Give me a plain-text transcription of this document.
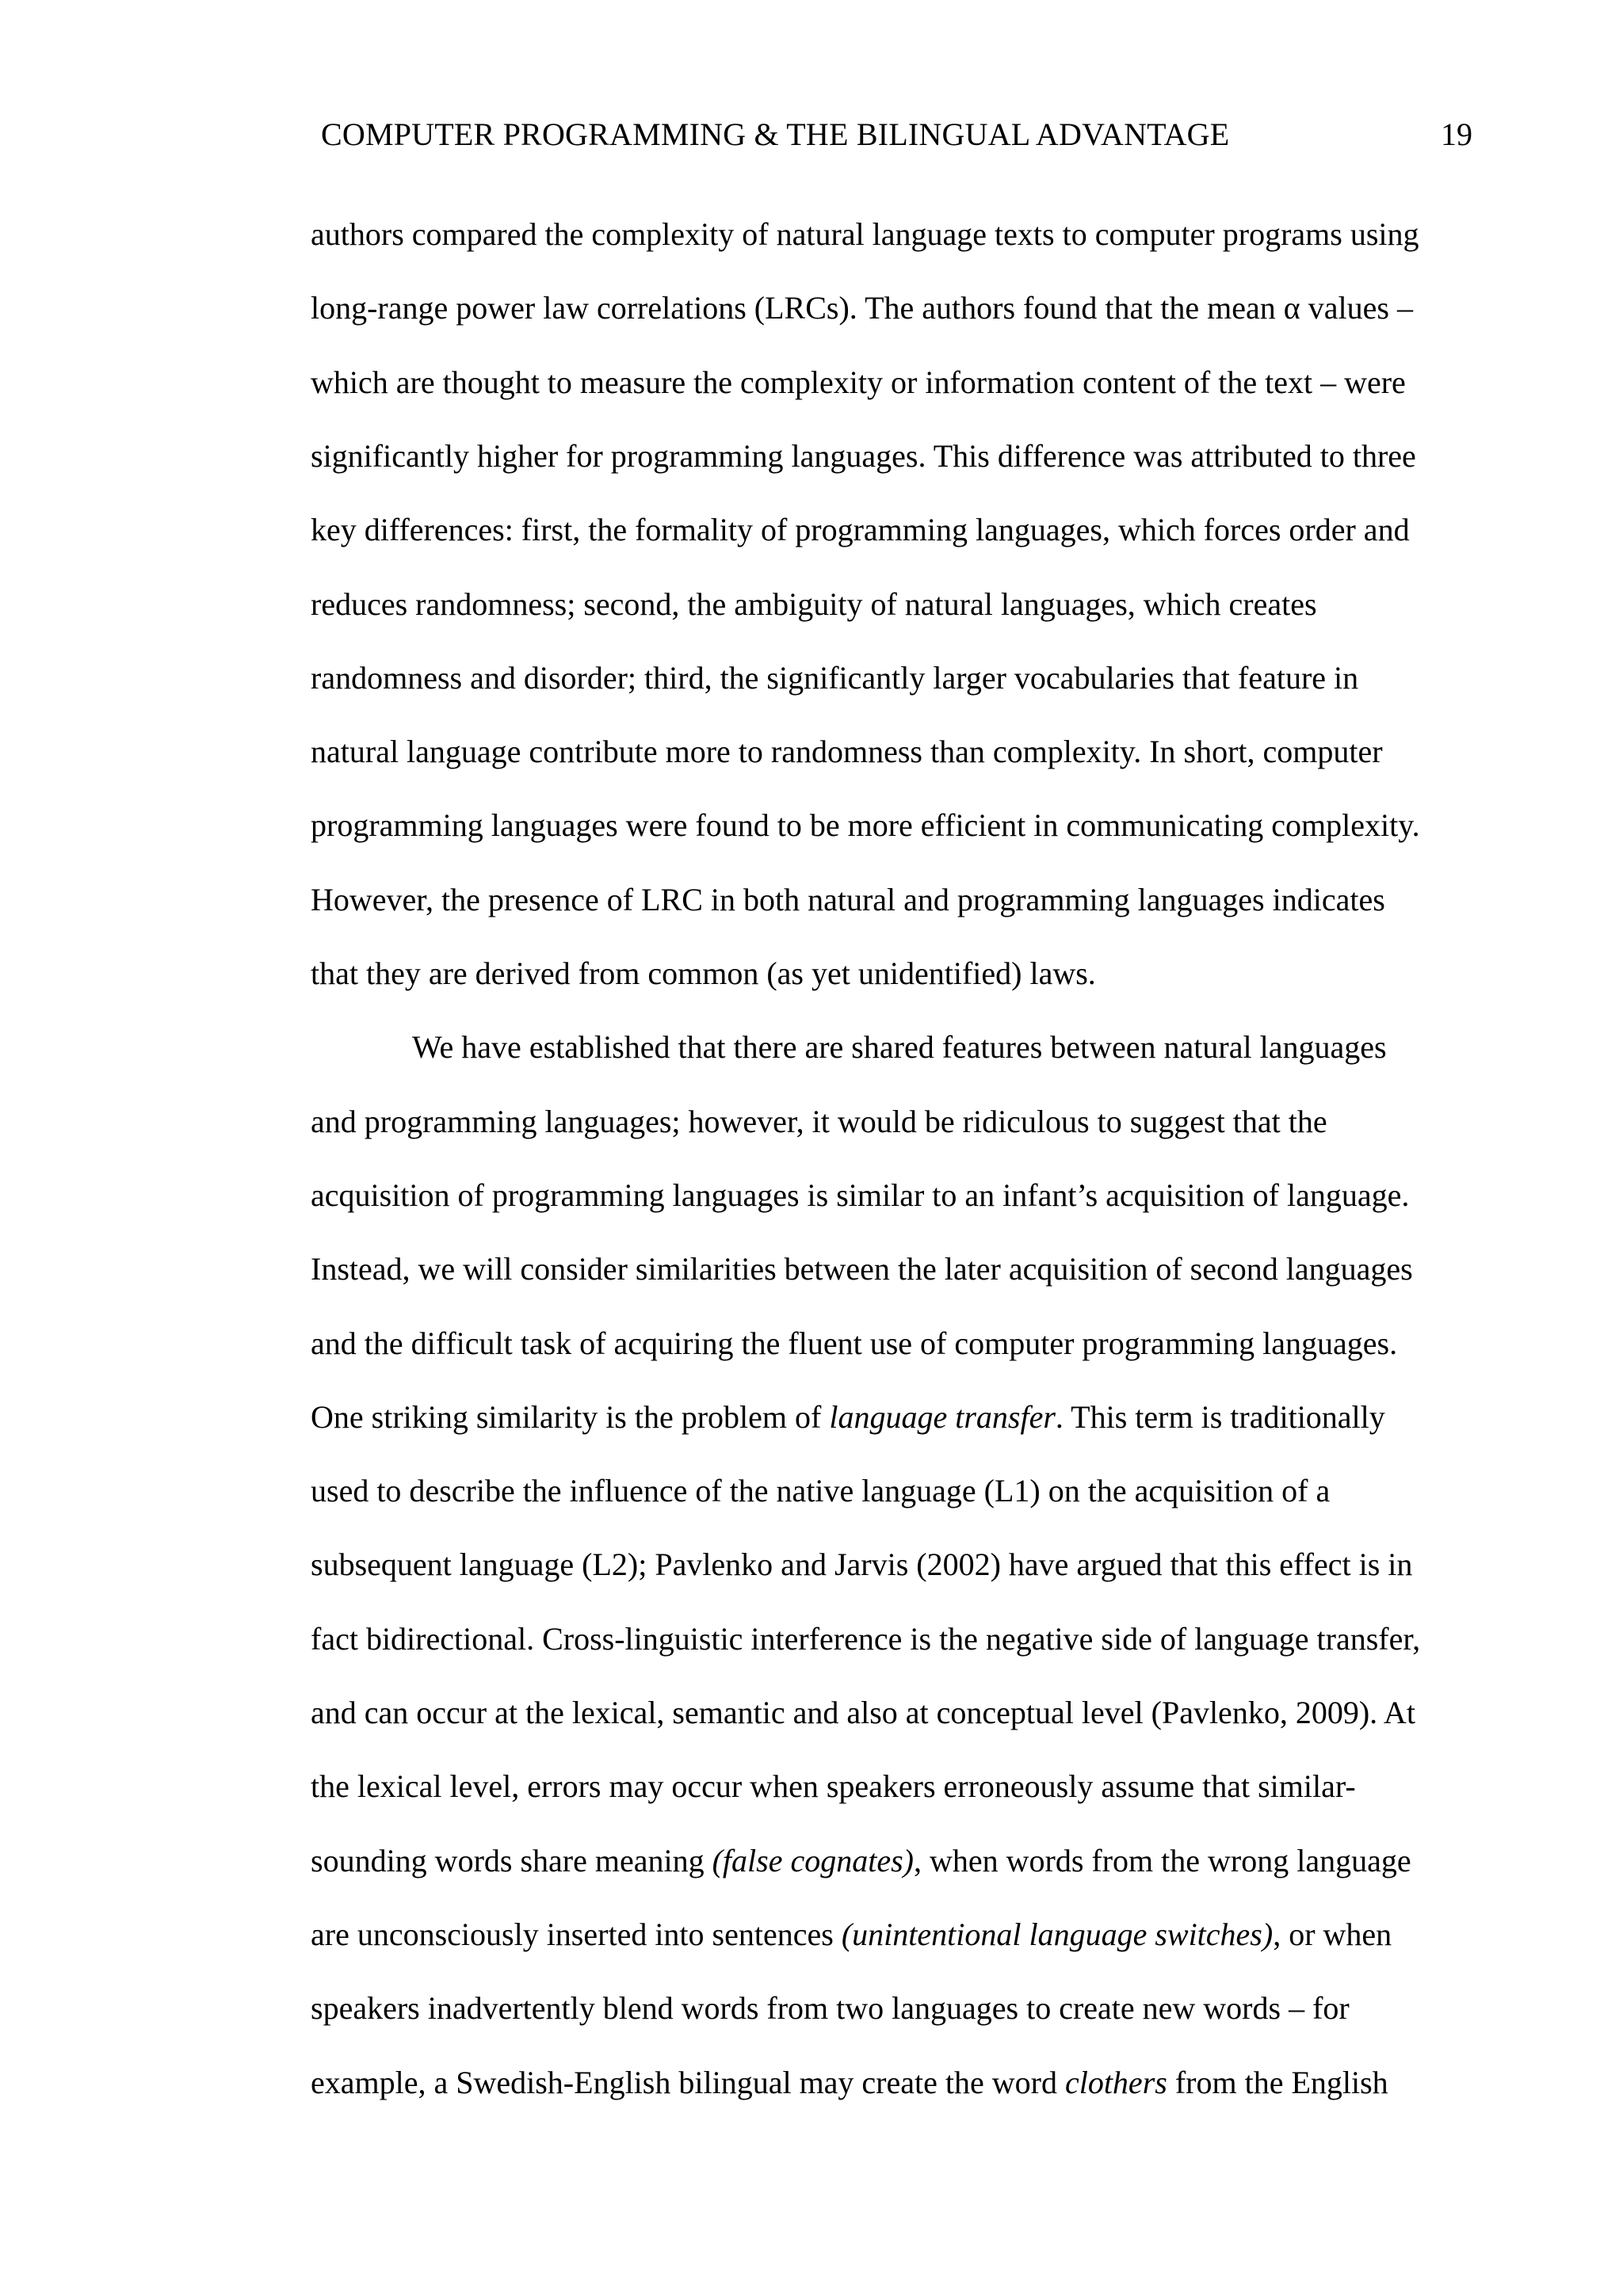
COMPUTER PROGRAMMING & THE BILINGUAL ADVANTAGE	19
authors compared the complexity of natural language texts to computer programs using
long-range power law correlations (LRCs). The authors found that the mean α values –
which are thought to measure the complexity or information content of the text – were
significantly higher for programming languages. This difference was attributed to three
key differences: first, the formality of programming languages, which forces order and
reduces randomness; second, the ambiguity of natural languages, which creates
randomness and disorder; third, the significantly larger vocabularies that feature in
natural language contribute more to randomness than complexity. In short, computer
programming languages were found to be more efficient in communicating complexity.
However, the presence of LRC in both natural and programming languages indicates
that they are derived from common (as yet unidentified) laws.
We have established that there are shared features between natural languages
and programming languages; however, it would be ridiculous to suggest that the
acquisition of programming languages is similar to an infant’s acquisition of language.
Instead, we will consider similarities between the later acquisition of second languages
and the difficult task of acquiring the fluent use of computer programming languages.
One striking similarity is the problem of language transfer. This term is traditionally
used to describe the influence of the native language (L1) on the acquisition of a
subsequent language (L2); Pavlenko and Jarvis (2002) have argued that this effect is in
fact bidirectional. Cross-linguistic interference is the negative side of language transfer,
and can occur at the lexical, semantic and also at conceptual level (Pavlenko, 2009). At
the lexical level, errors may occur when speakers erroneously assume that similar-
sounding words share meaning (false cognates), when words from the wrong language
are unconsciously inserted into sentences (unintentional language switches), or when
speakers inadvertently blend words from two languages to create new words – for
example, a Swedish-English bilingual may create the word clothers from the English
